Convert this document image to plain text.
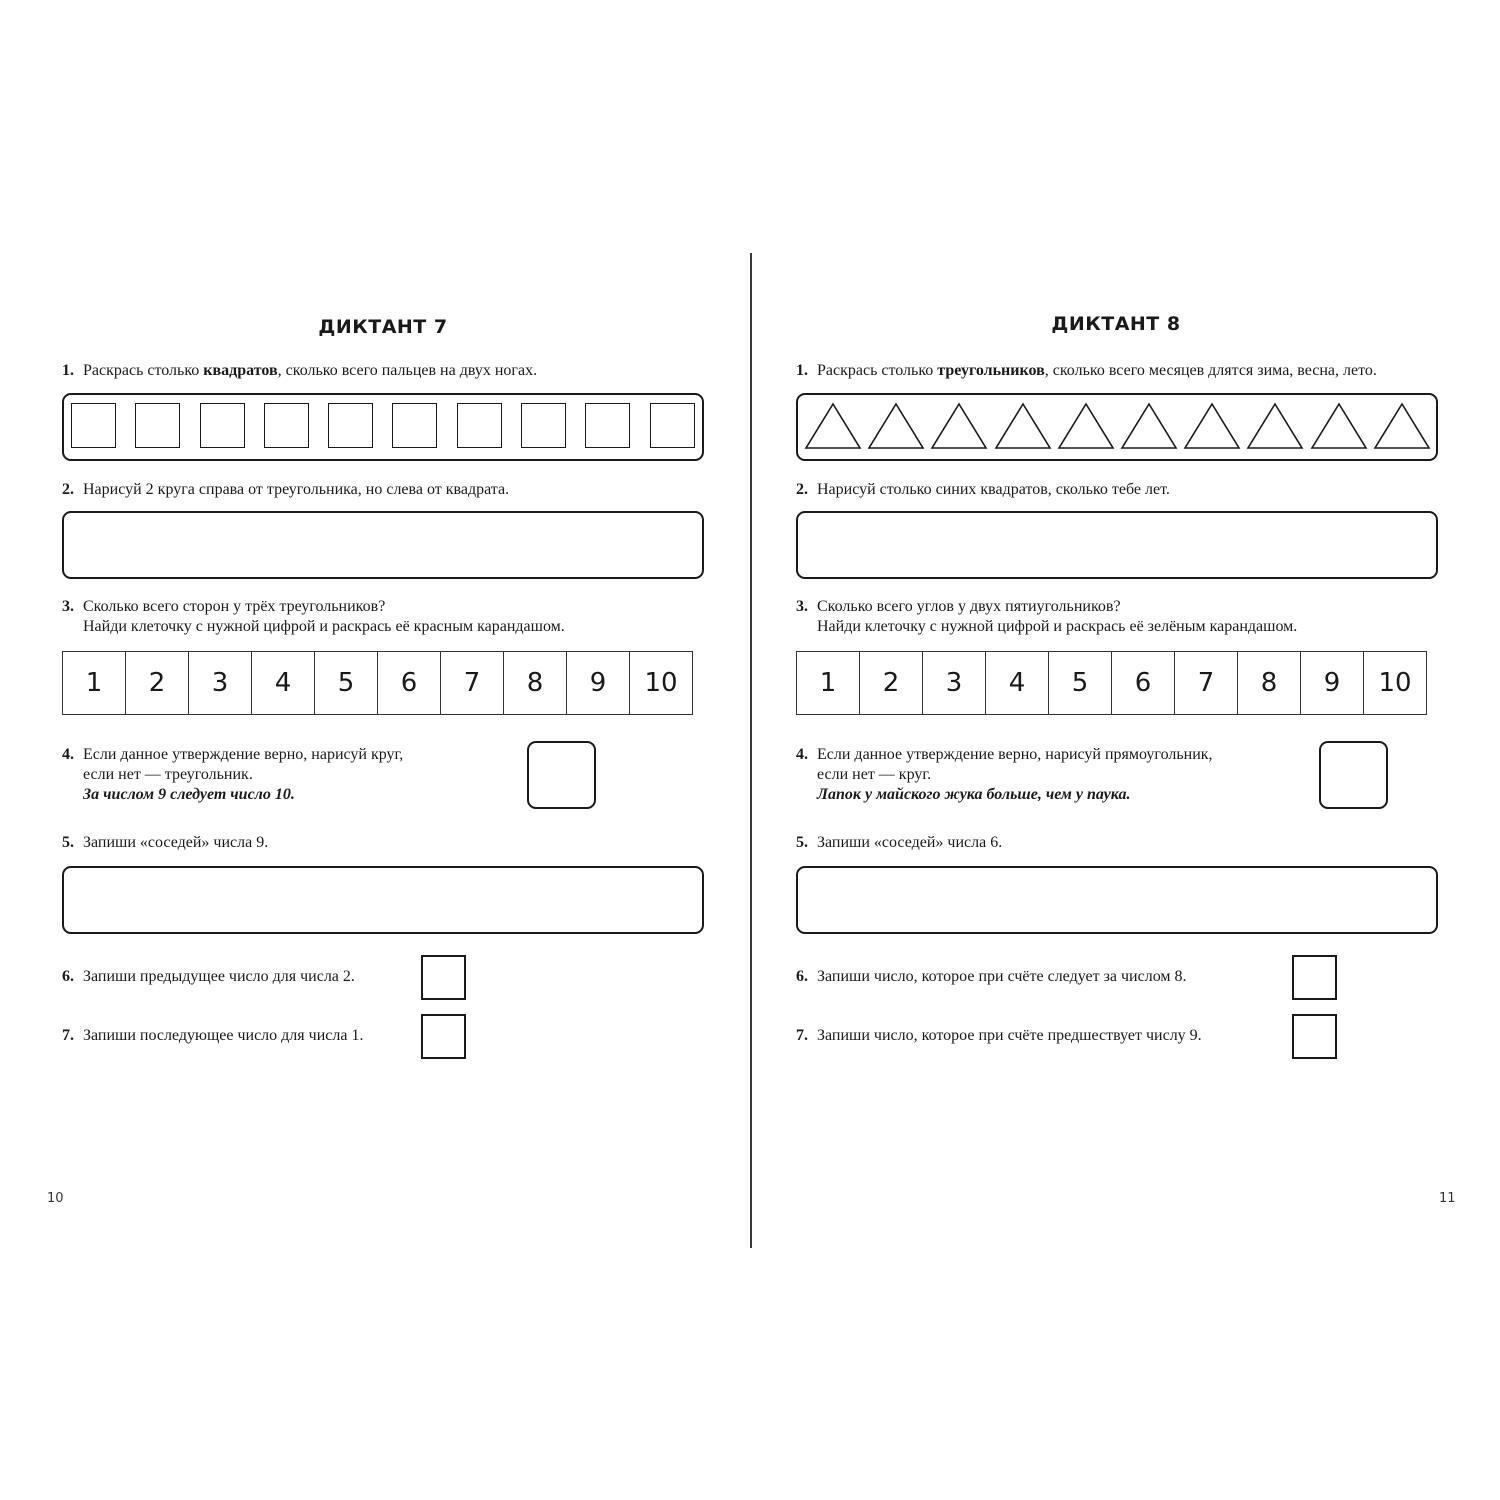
ДИКТАНТ 7
1. Раскрась столько квадратов, сколько всего пальцев на двух ногах.
2. Нарисуй 2 круга справа от треугольника, но слева от квадрата.
3. Сколько всего сторон у трёх треугольников?
Найди клеточку с нужной цифрой и раскрась её красным карандашом.
1	2	3	4	5	6	7	8	9	10
4. Если данное утверждение верно, нарисуй круг,
если нет — треугольник.
За числом 9 следует число 10.
5. Запиши «соседей» числа 9.
6. Запиши предыдущее число для числа 2.
7. Запиши последующее число для числа 1.
10
ДИКТАНТ 8
1. Раскрась столько треугольников, сколько всего месяцев длятся зима, весна, лето.
2. Нарисуй столько синих квадратов, сколько тебе лет.
3. Сколько всего углов у двух пятиугольников?
Найди клеточку с нужной цифрой и раскрась её зелёным карандашом.
1	2	3	4	5	6	7	8	9	10
4. Если данное утверждение верно, нарисуй прямоугольник,
если нет — круг.
Лапок у майского жука больше, чем у паука.
5. Запиши «соседей» числа 6.
6. Запиши число, которое при счёте следует за числом 8.
7. Запиши число, которое при счёте предшествует числу 9.
11
